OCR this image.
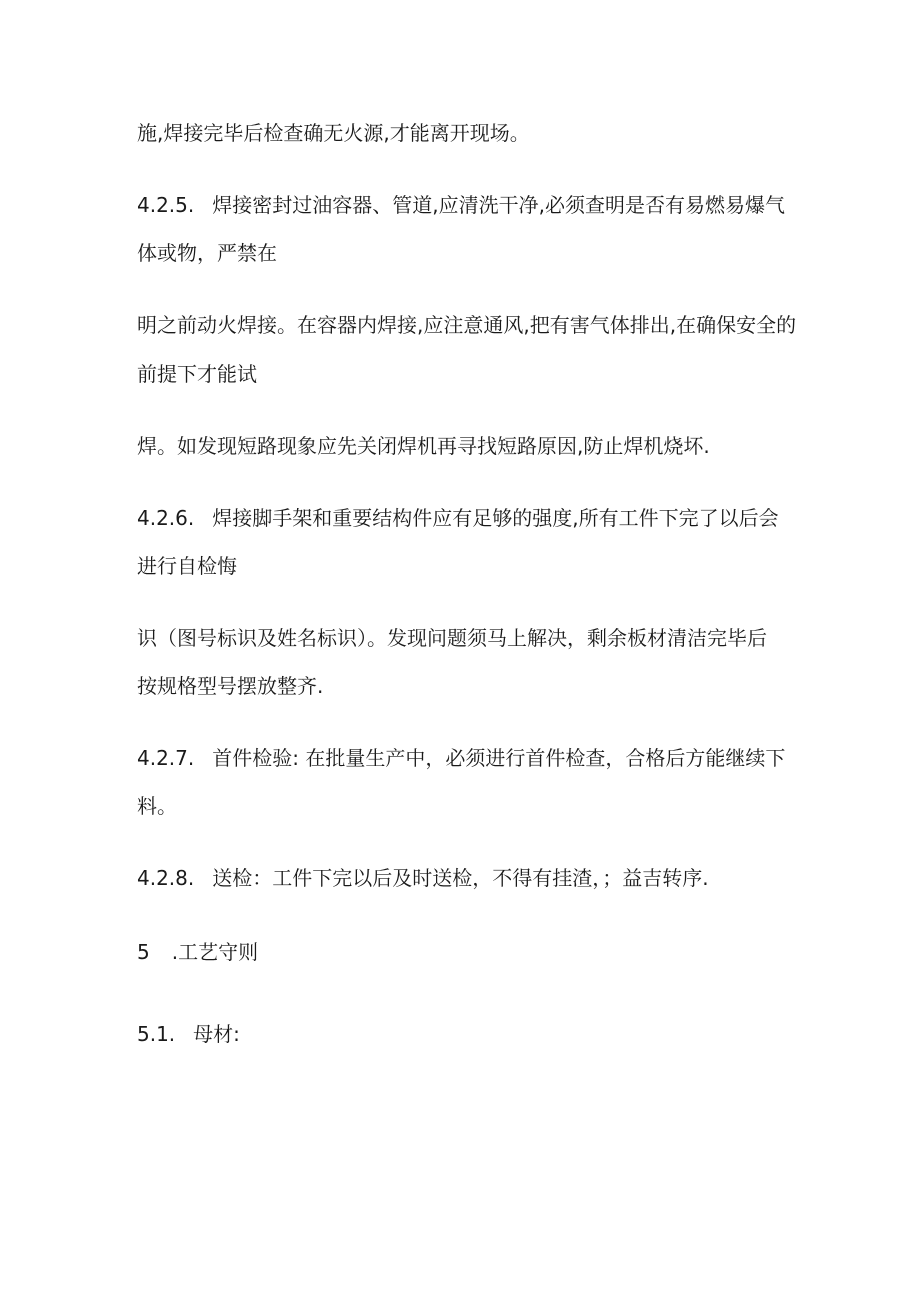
施,焊接完毕后检查确无火源,才能离开现场。
4.2.5. 焊接密封过油容器、管道,应清洗干净,必须查明是否有易燃易爆气
体或物，严禁在
明之前动火焊接。在容器内焊接,应注意通风,把有害气体排出,在确保安全的
前提下才能试
焊。如发现短路现象应先关闭焊机再寻找短路原因,防止焊机烧坏.
4.2.6. 焊接脚手架和重要结构件应有足够的强度,所有工件下完了以后会
进行自检悔
识（图号标识及姓名标识）。发现问题须马上解决，剩余板材清洁完毕后
按规格型号摆放整齐.
4.2.7. 首件检验: 在批量生产中，必须进行首件检查，合格后方能继续下
料。
4.2.8. 送检：工件下完以后及时送检，不得有挂渣，；益吉转序.
5 .工艺守则
5.1. 母材:
